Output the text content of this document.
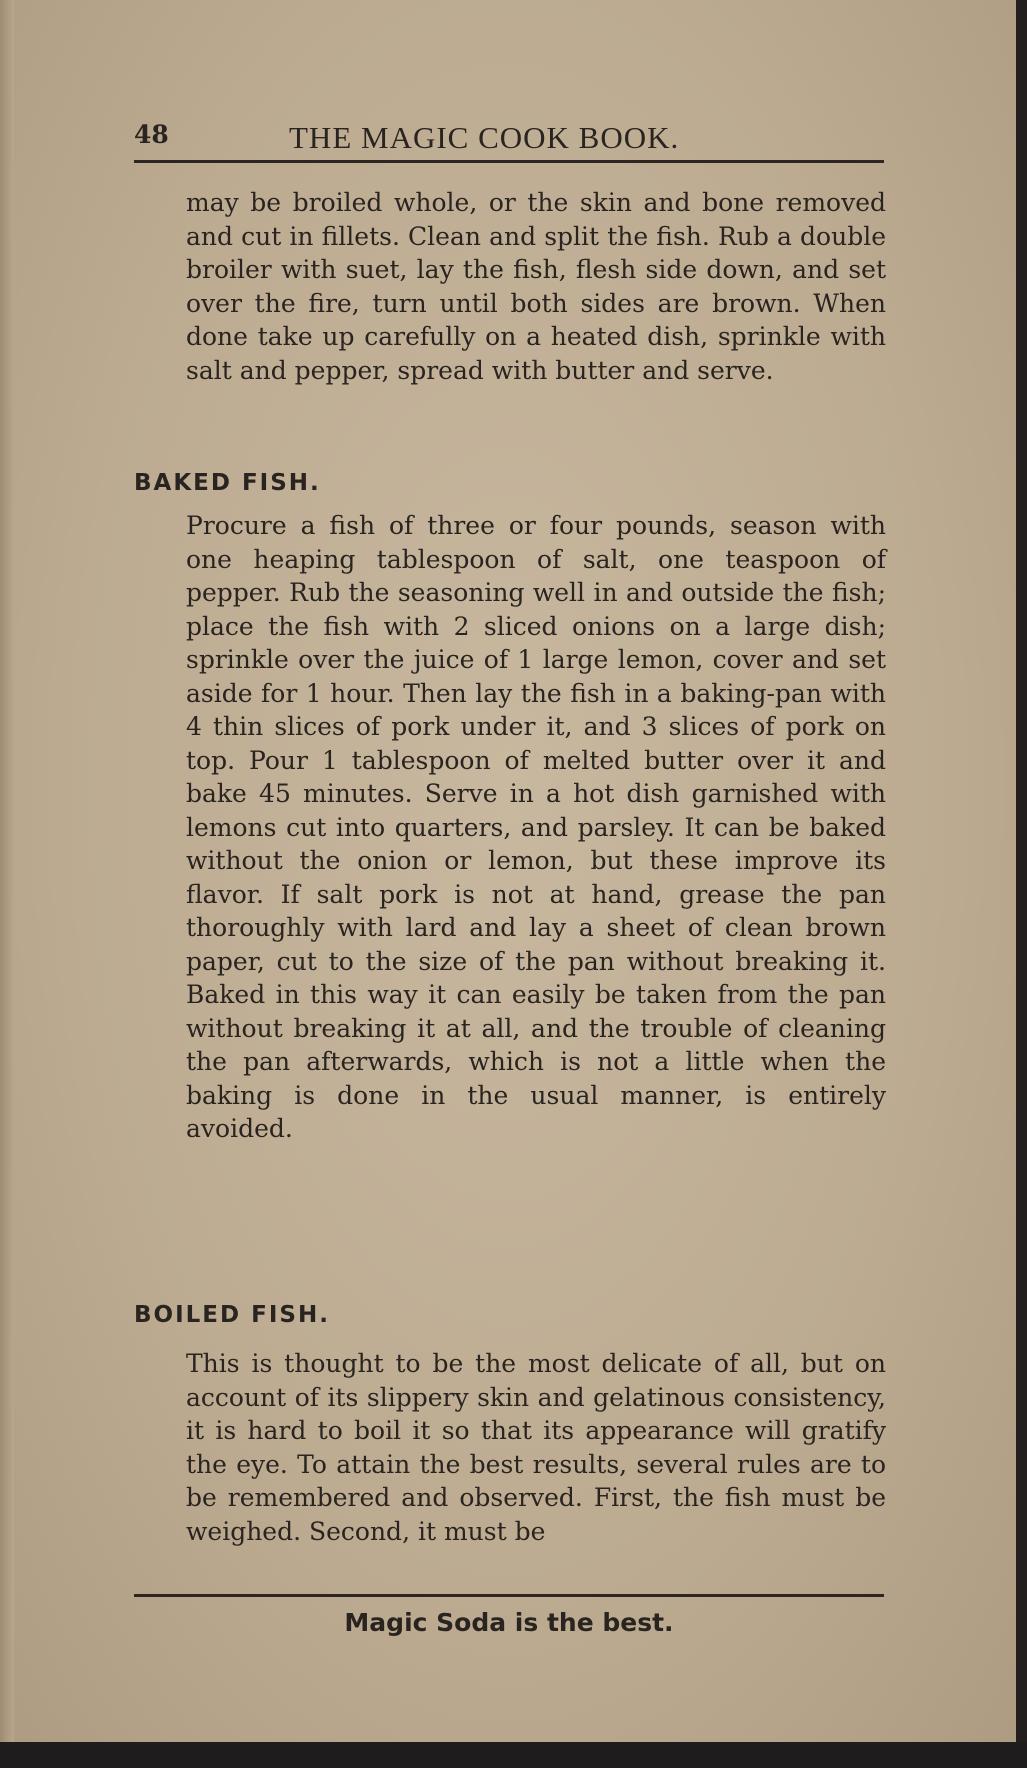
48	THE MAGIC COOK BOOK.

may be broiled whole, or the skin and bone removed and cut in fillets. Clean and split the fish. Rub a double broiler with suet, lay the fish, flesh side down, and set over the fire, turn until both sides are brown. When done take up carefully on a heated dish, sprinkle with salt and pepper, spread with butter and serve.

BAKED FISH.

Procure a fish of three or four pounds, season with one heaping tablespoon of salt, one teaspoon of pepper. Rub the seasoning well in and outside the fish; place the fish with 2 sliced onions on a large dish; sprinkle over the juice of 1 large lemon, cover and set aside for 1 hour. Then lay the fish in a baking-pan with 4 thin slices of pork under it, and 3 slices of pork on top. Pour 1 tablespoon of melted butter over it and bake 45 minutes. Serve in a hot dish garnished with lemons cut into quarters, and parsley. It can be baked without the onion or lemon, but these improve its flavor. If salt pork is not at hand, grease the pan thoroughly with lard and lay a sheet of clean brown paper, cut to the size of the pan without breaking it. Baked in this way it can easily be taken from the pan without breaking it at all, and the trouble of cleaning the pan afterwards, which is not a little when the baking is done in the usual manner, is entirely avoided.

BOILED FISH.

This is thought to be the most delicate of all, but on account of its slippery skin and gelatinous consistency, it is hard to boil it so that its appearance will gratify the eye. To attain the best results, several rules are to be remembered and observed. First, the fish must be weighed. Second, it must be

Magic Soda is the best.
